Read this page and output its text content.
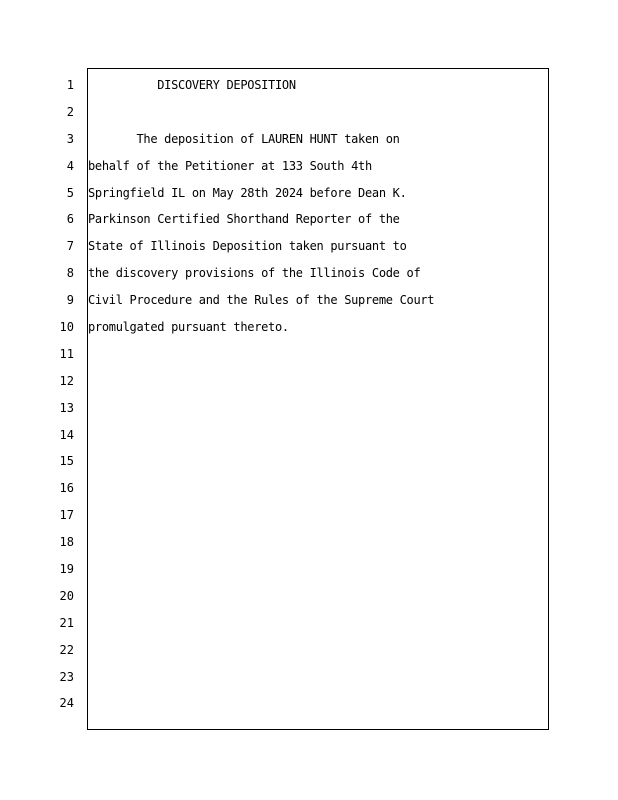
1
2
3
4
5
6
7
8
9
10
11
12
13
14
15
16
17
18
19
20
21
22
23
24
DISCOVERY DEPOSITION
The deposition of LAUREN HUNT taken on
behalf of the Petitioner at 133 South 4th
Springfield IL on May 28th 2024 before Dean K.
Parkinson Certified Shorthand Reporter of the
State of Illinois Deposition taken pursuant to
the discovery provisions of the Illinois Code of
Civil Procedure and the Rules of the Supreme Court
promulgated pursuant thereto.
